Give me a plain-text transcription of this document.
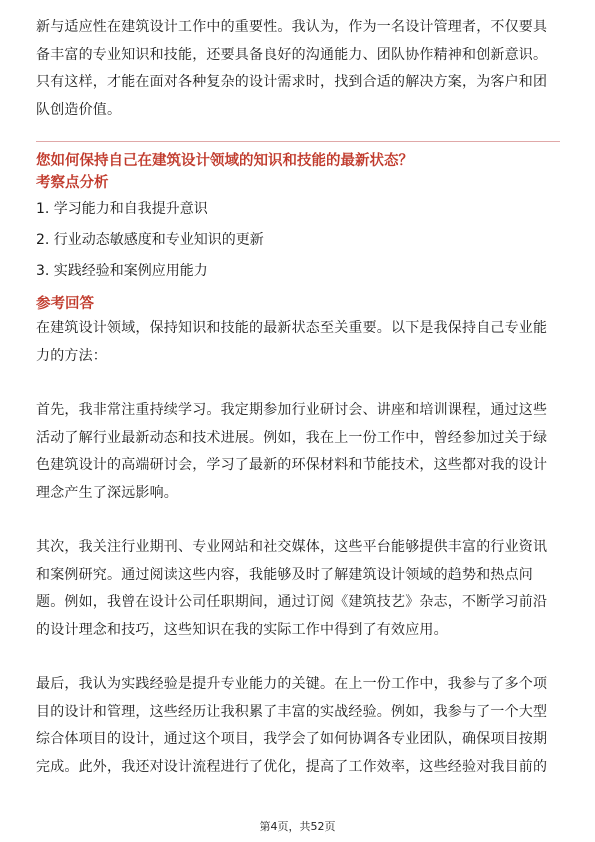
新与适应性在建筑设计工作中的重要性。我认为，作为一名设计管理者，不仅要具

备丰富的专业知识和技能，还要具备良好的沟通能力、团队协作精神和创新意识。

只有这样，才能在面对各种复杂的设计需求时，找到合适的解决方案，为客户和团

队创造价值。

您如何保持自己在建筑设计领域的知识和技能的最新状态？

考察点分析

1. 学习能力和自我提升意识

2. 行业动态敏感度和专业知识的更新

3. 实践经验和案例应用能力

参考回答

在建筑设计领域，保持知识和技能的最新状态至关重要。以下是我保持自己专业能

力的方法：

首先，我非常注重持续学习。我定期参加行业研讨会、讲座和培训课程，通过这些

活动了解行业最新动态和技术进展。例如，我在上一份工作中，曾经参加过关于绿

色建筑设计的高端研讨会，学习了最新的环保材料和节能技术，这些都对我的设计

理念产生了深远影响。

其次，我关注行业期刊、专业网站和社交媒体，这些平台能够提供丰富的行业资讯

和案例研究。通过阅读这些内容，我能够及时了解建筑设计领域的趋势和热点问

题。例如，我曾在设计公司任职期间，通过订阅《建筑技艺》杂志，不断学习前沿

的设计理念和技巧，这些知识在我的实际工作中得到了有效应用。

最后，我认为实践经验是提升专业能力的关键。在上一份工作中，我参与了多个项

目的设计和管理，这些经历让我积累了丰富的实战经验。例如，我参与了一个大型

综合体项目的设计，通过这个项目，我学会了如何协调各专业团队，确保项目按期

完成。此外，我还对设计流程进行了优化，提高了工作效率，这些经验对我目前的

第4页，共52页
